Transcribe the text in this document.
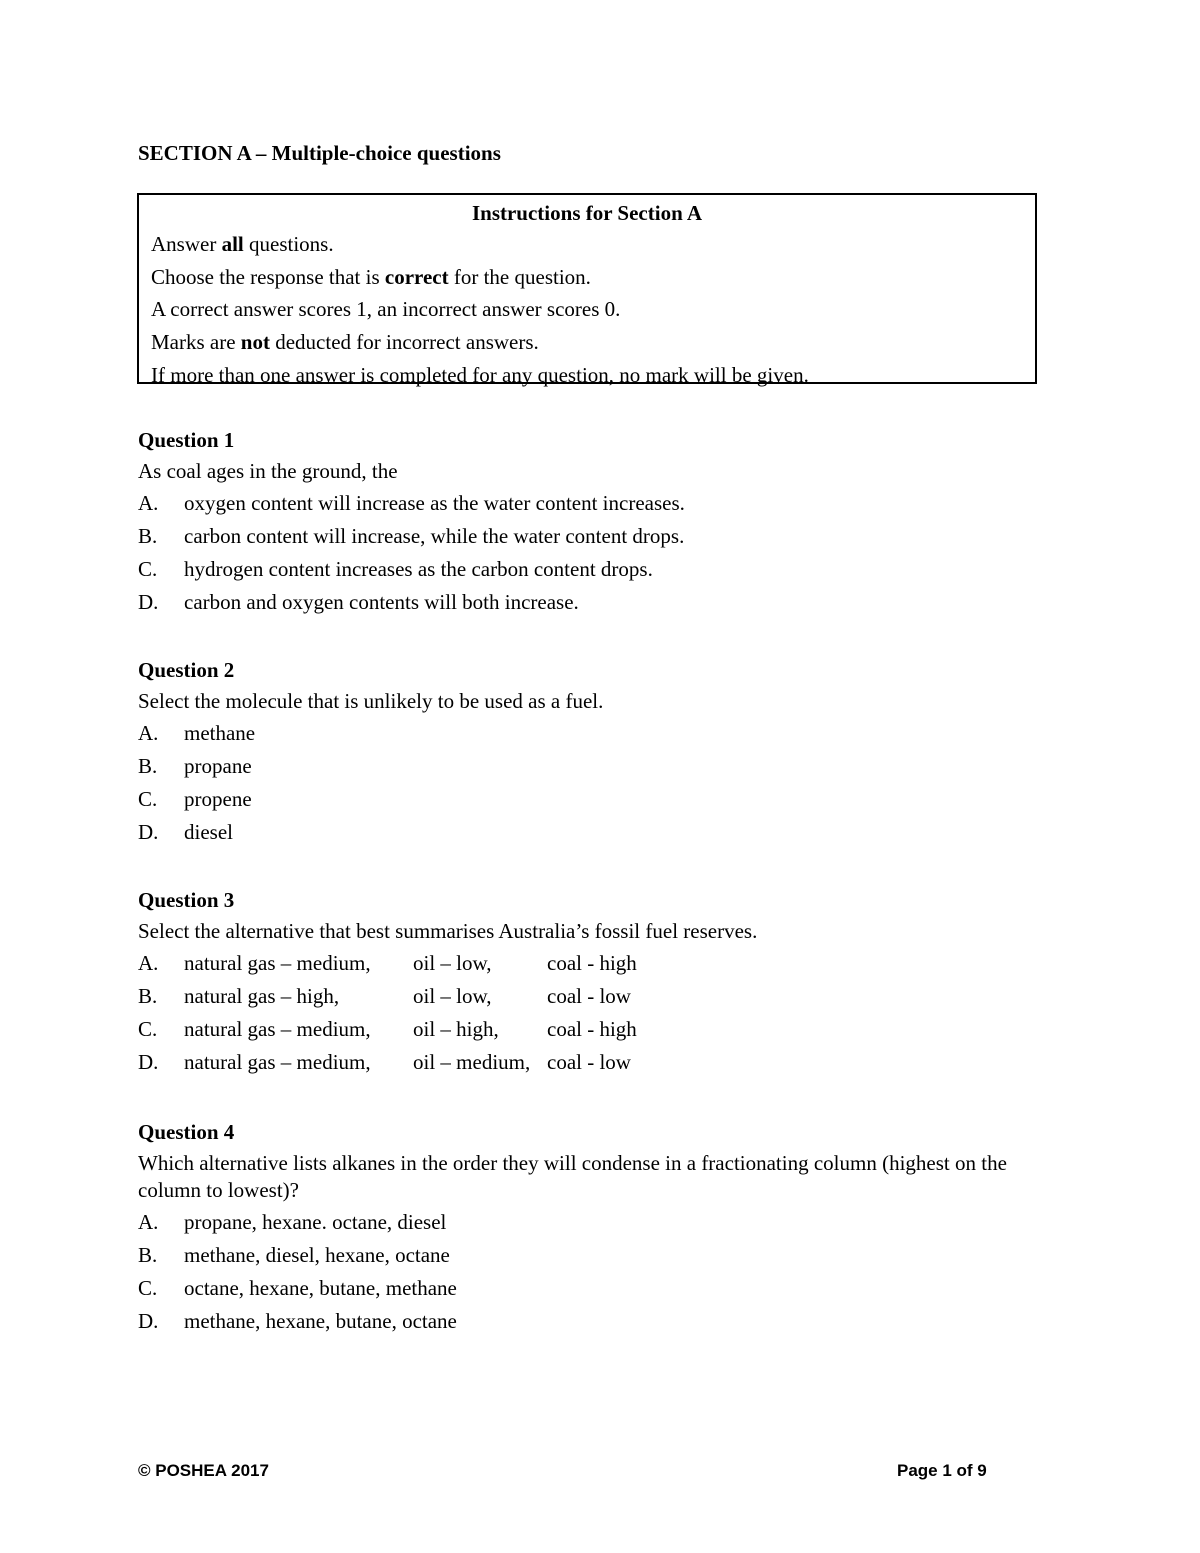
SECTION A – Multiple-choice questions
Instructions for Section A
Answer all questions.
Choose the response that is correct for the question.
A correct answer scores 1, an incorrect answer scores 0.
Marks are not deducted for incorrect answers.
If more than one answer is completed for any question, no mark will be given.
Question 1
As coal ages in the ground, the
A.	oxygen content will increase as the water content increases.
B.	carbon content will increase, while the water content drops.
C.	hydrogen content increases as the carbon content drops.
D.	carbon and oxygen contents will both increase.
Question 2
Select the molecule that is unlikely to be used as a fuel.
A.	methane
B.	propane
C.	propene
D.	diesel
Question 3
Select the alternative that best summarises Australia’s fossil fuel reserves.
A.	natural gas – medium,	oil – low,	coal - high
B.	natural gas – high,	oil – low,	coal - low
C.	natural gas – medium,	oil – high,	coal - high
D.	natural gas – medium,	oil – medium, coal - low
Question 4
Which alternative lists alkanes in the order they will condense in a fractionating column (highest on the column to lowest)?
A.	propane, hexane. octane, diesel
B.	methane, diesel, hexane, octane
C.	octane, hexane, butane, methane
D.	methane, hexane, butane, octane
© POSHEA 2017	Page 1 of 9
